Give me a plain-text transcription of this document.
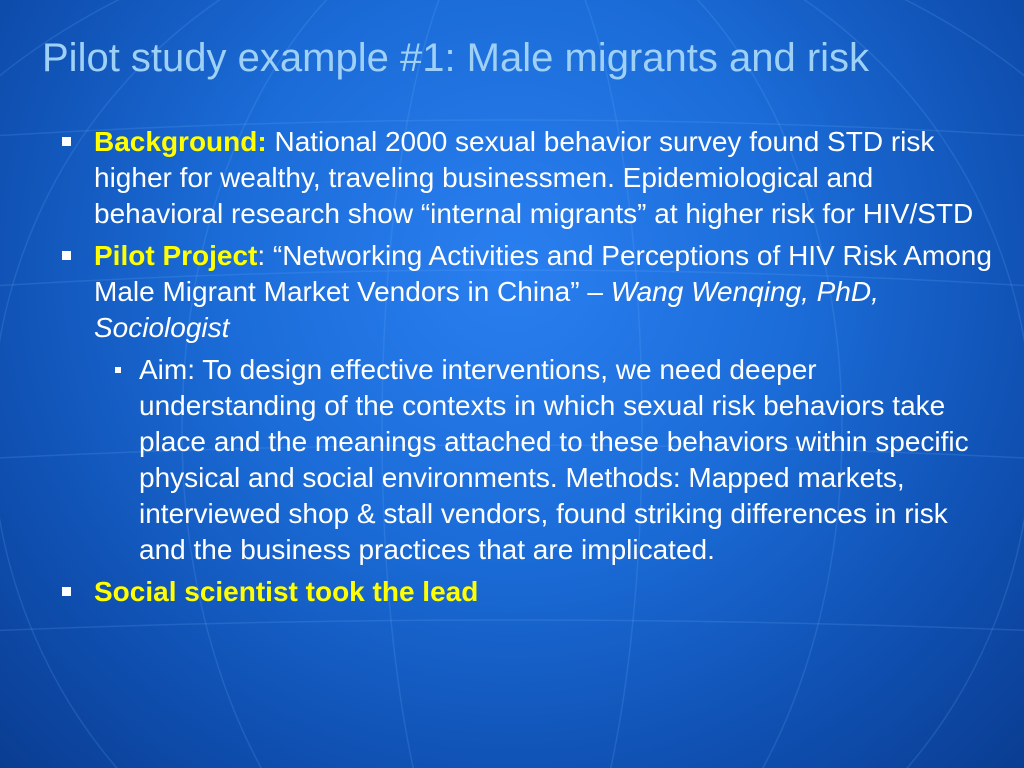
Pilot study example #1: Male migrants and risk

Background: National 2000 sexual behavior survey found STD risk higher for wealthy, traveling businessmen. Epidemiological and behavioral research show “internal migrants” at higher risk for HIV/STD

Pilot Project: “Networking Activities and Perceptions of HIV Risk Among Male Migrant Market Vendors in China” – Wang Wenqing, PhD, Sociologist

Aim: To design effective interventions, we need deeper understanding of the contexts in which sexual risk behaviors take place and the meanings attached to these behaviors within specific physical and social environments. Methods: Mapped markets, interviewed shop & stall vendors, found striking differences in risk and the business practices that are implicated.

Social scientist took the lead
